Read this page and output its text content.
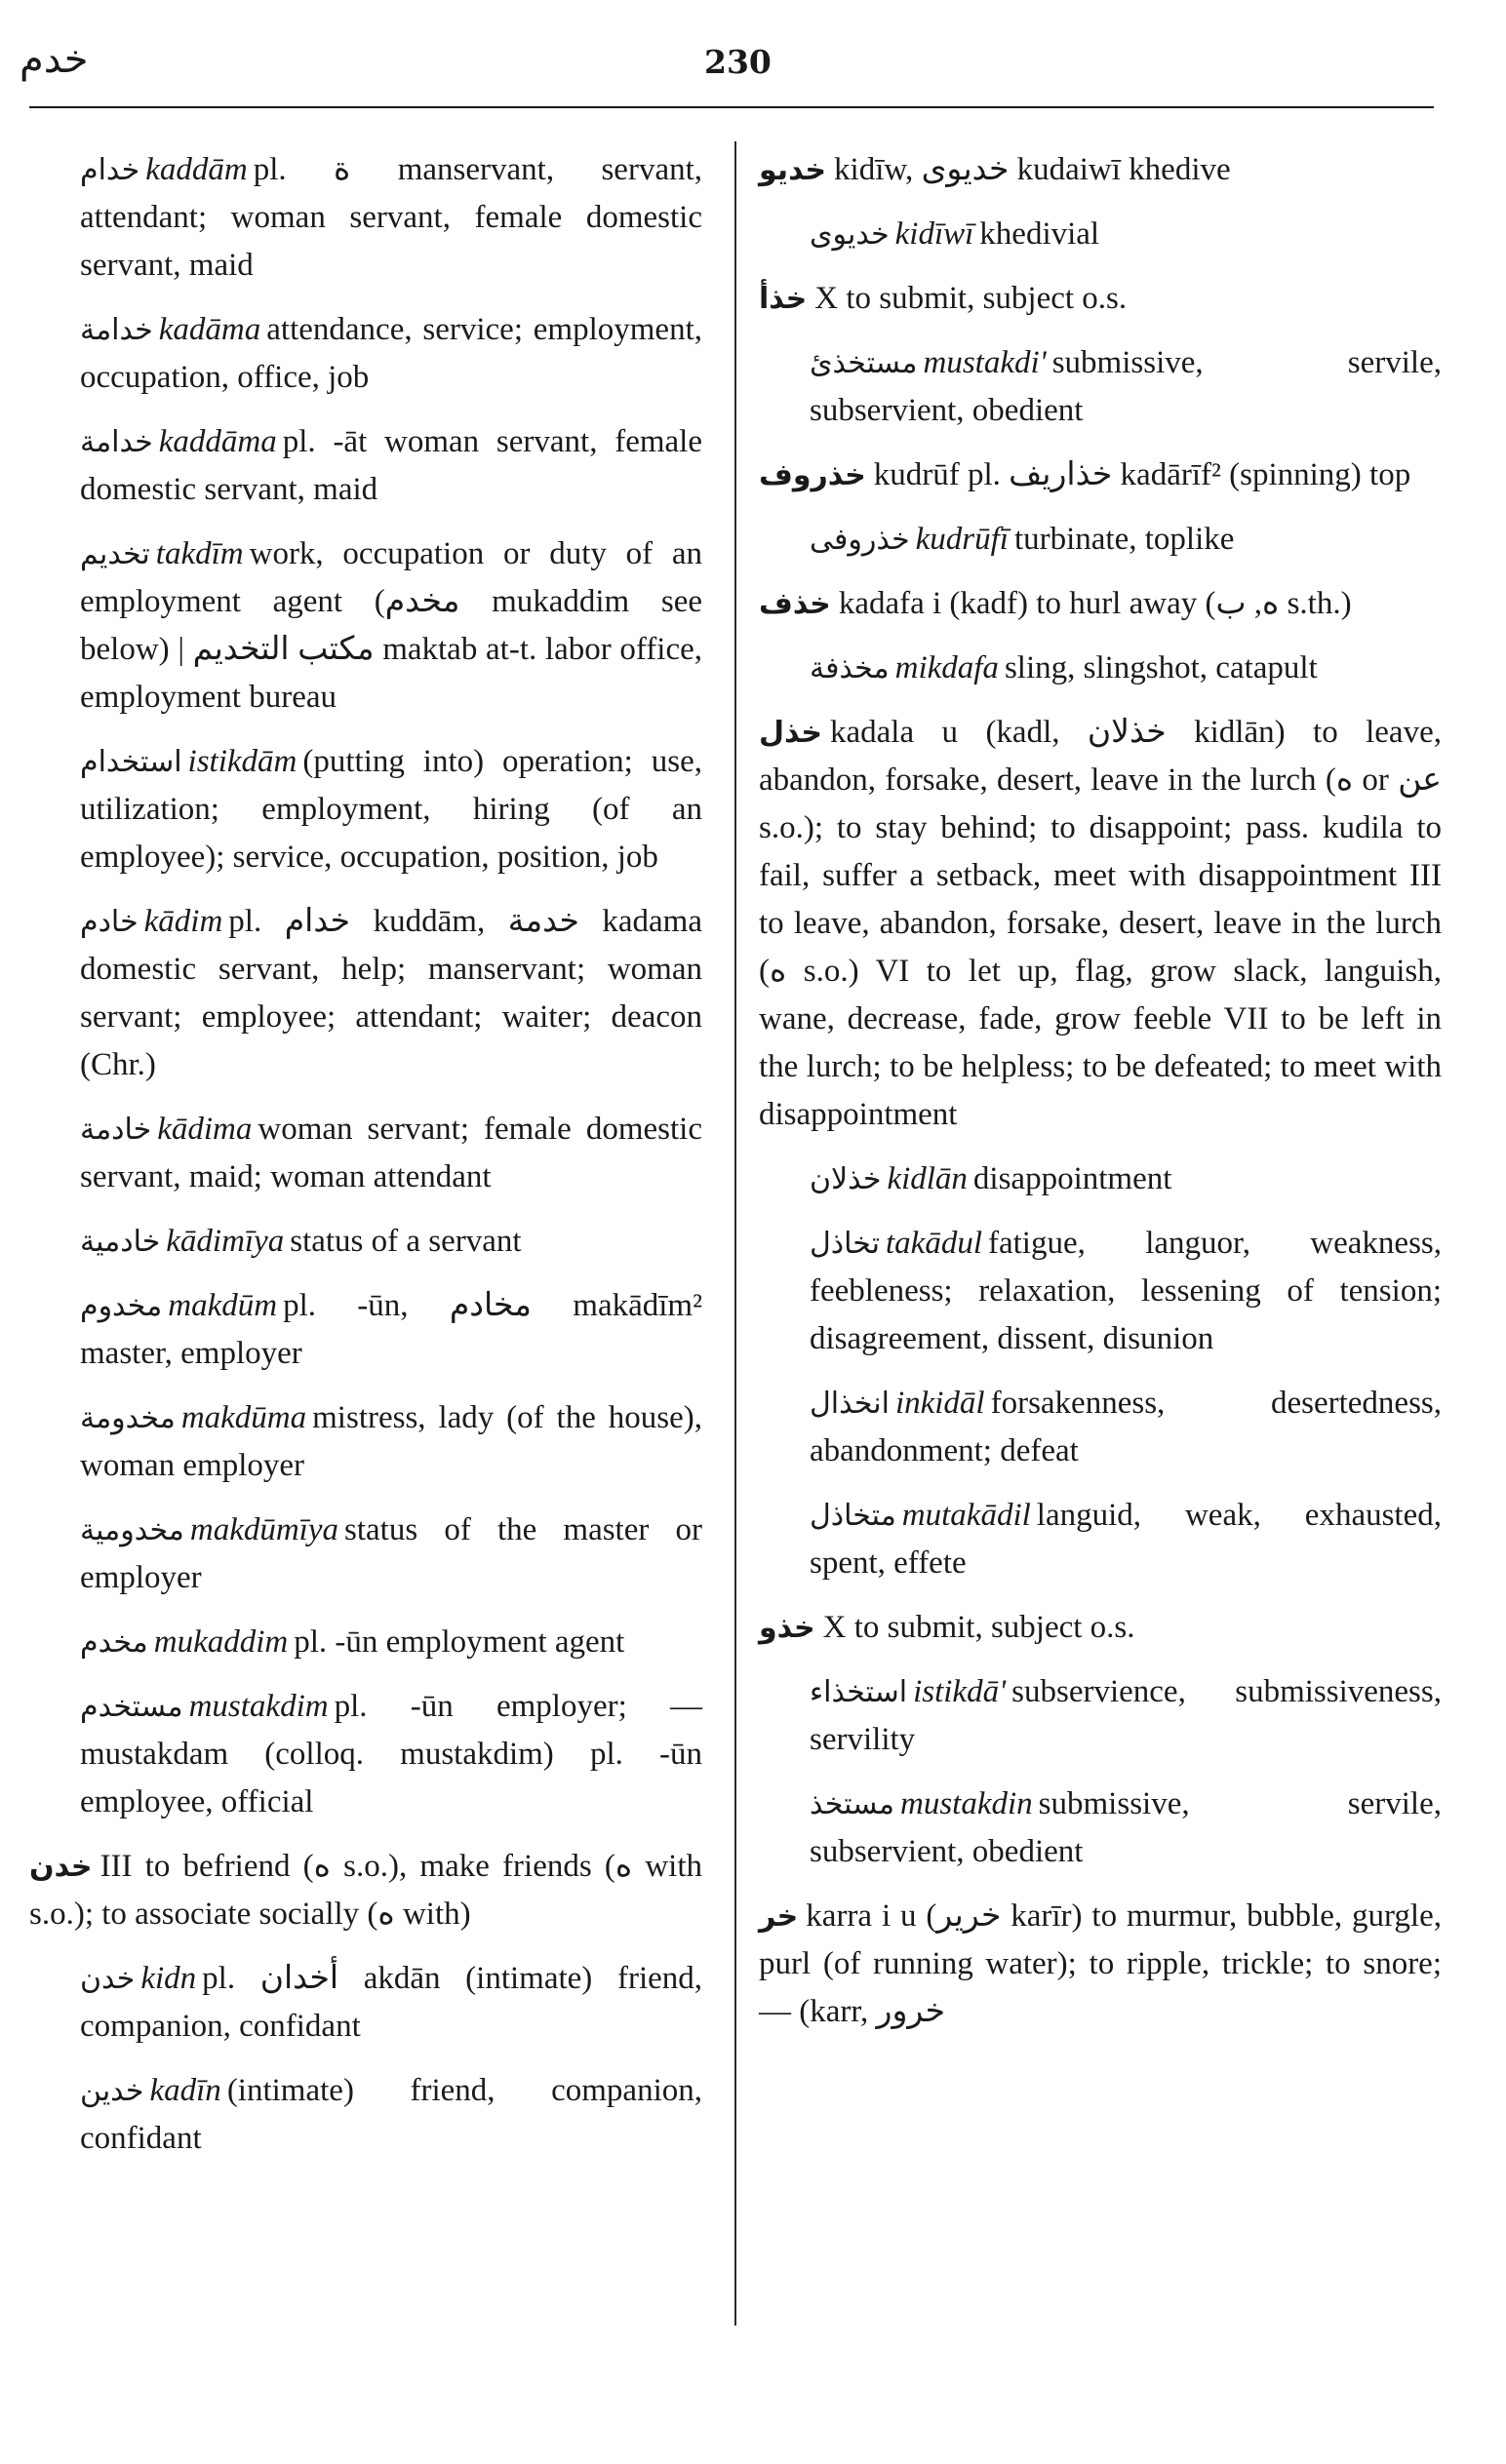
خدم	230
خدام kaddām pl. ة manservant, servant, attendant; woman servant, female domestic servant, maid
خدامة kadāma attendance, service; employment, occupation, office, job
خدامة kaddāma pl. -āt woman servant, female domestic servant, maid
تخديم takdīm work, occupation or duty of an employment agent (مخدم mukaddim see below) | مكتب التخديم maktab at-t. labor office, employment bureau
استخدام istikdām (putting into) operation; use, utilization; employment, hiring (of an employee); service, occupation, position, job
خادم kādim pl. خدام kuddām, خدمة kadama domestic servant, help; manservant; woman servant; employee; attendant; waiter; deacon (Chr.)
خادمة kādima woman servant; female domestic servant, maid; woman attendant
خادمية kādimīya status of a servant
مخدوم makdūm pl. -ūn, مخادم makādīm² master, employer
مخدومة makdūma mistress, lady (of the house), woman employer
مخدومية makdūmīya status of the master or employer
مخدم mukaddim pl. -ūn employment agent
مستخدم mustakdim pl. -ūn employer; — mustakdam (colloq. mustakdim) pl. -ūn employee, official
خدن III to befriend (ه s.o.), make friends (ه with s.o.); to associate socially (ه with)
خدن kidn pl. أخدان akdān (intimate) friend, companion, confidant
خدين kadīn (intimate) friend, companion, confidant
خديو kidīw, خديوى kudaiwī khedive
خديوى kidīwī khedivial
خذأ X to submit, subject o.s.
مستخذئ mustakdi' submissive, servile, subservient, obedient
خذروف kudrūf pl. خذاريف kadārīf² (spinning) top
خذروفى kudrūfī turbinate, toplike
خذف kadafa i (kadf) to hurl away (ه, ب s.th.)
مخذفة mikdafa sling, slingshot, catapult
خذل kadala u (kadl, خذلان kidlān) to leave, abandon, forsake, desert, leave in the lurch (ه or عن s.o.); to stay behind; to disappoint; pass. kudila to fail, suffer a setback, meet with disappointment III to leave, abandon, forsake, desert, leave in the lurch (ه s.o.) VI to let up, flag, grow slack, languish, wane, decrease, fade, grow feeble VII to be left in the lurch; to be helpless; to be defeated; to meet with disappointment
خذلان kidlān disappointment
تخاذل takādul fatigue, languor, weakness, feebleness; relaxation, lessening of tension; disagreement, dissent, disunion
انخذال inkidāl forsakenness, desertedness, abandonment; defeat
متخاذل mutakādil languid, weak, exhausted, spent, effete
خذو X to submit, subject o.s.
استخذاء istikdā' subservience, submissiveness, servility
مستخذ mustakdin submissive, servile, subservient, obedient
خر karra i u (خرير karīr) to murmur, bubble, gurgle, purl (of running water); to ripple, trickle; to snore; — (karr, خرور
